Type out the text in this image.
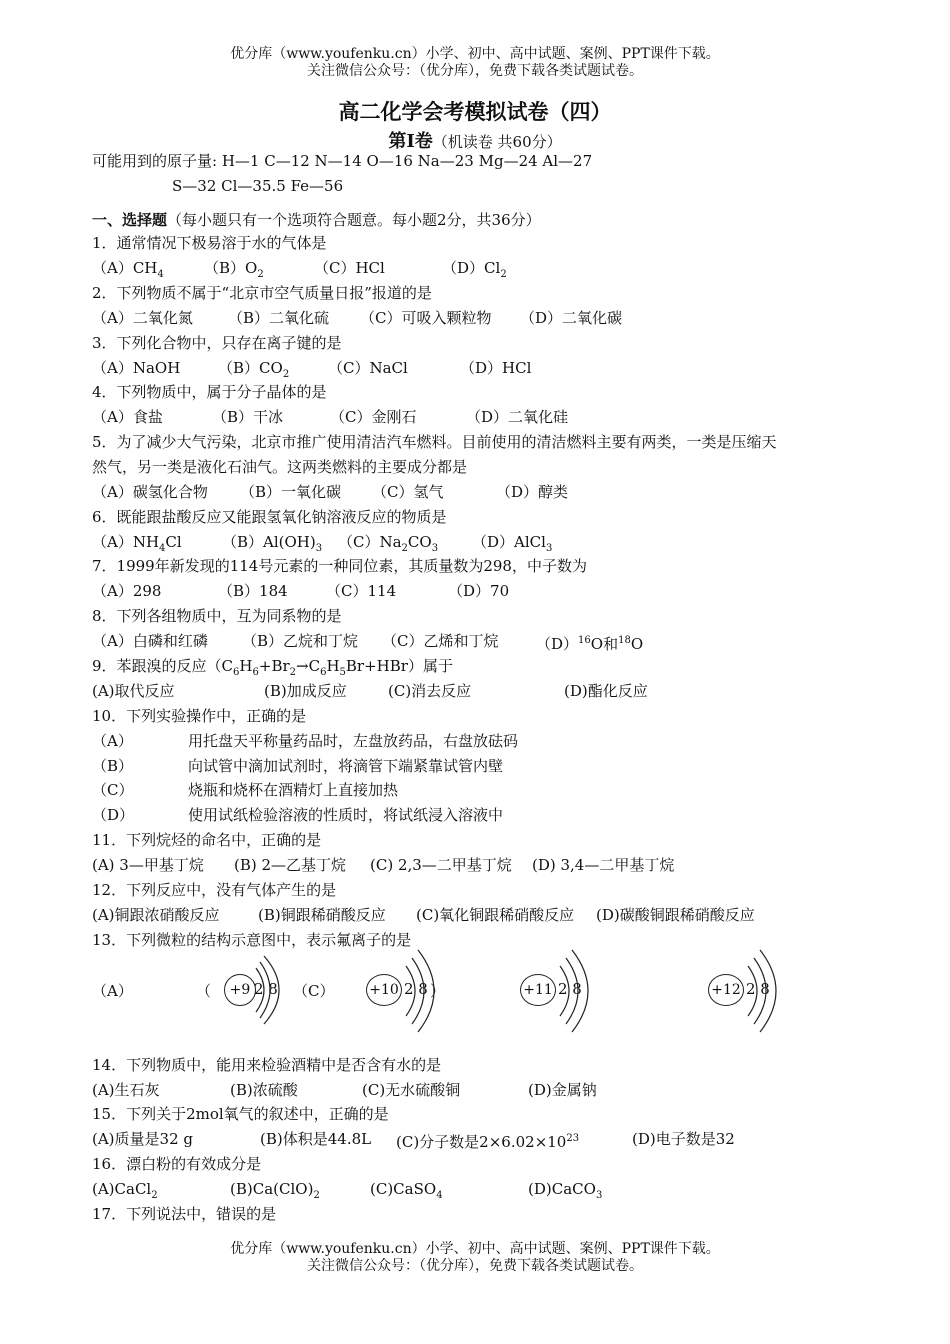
优分库（www.youfenku.cn）小学、初中、高中试题、案例、PPT课件下载。
关注微信公众号：（优分库），免费下载各类试题试卷。
高二化学会考模拟试卷（四）
第Ⅰ卷（机读卷 共60分）
可能用到的原子量: H—1 C—12 N—14 O—16 Na—23 Mg—24 Al—27
S—32 Cl—35.5 Fe—56
一、选择题（每小题只有一个选项符合题意。每小题2分，共36分）
1．通常情况下极易溶于水的气体是
$(A)CH_4$	$(B)O_2$	（C）HCl	$(D)Cl_2$
2．下列物质不属于“北京市空气质量日报”报道的是
（A）二氧化氮 （B）二氧化硫 （C）可吸入颗粒物 （D）二氧化碳
3．下列化合物中，只存在离子键的是
（A）NaOH	$(B)CO_2$	（C）NaCl	（D）HCl
4．下列物质中，属于分子晶体的是
（A）食盐	（B）干冰	（C）金刚石	（D）二氧化硅
5．为了减少大气污染，北京市推广使用清洁汽车燃料。目前使用的清洁燃料主要有两类，一类是压缩天
然气，另一类是液化石油气。这两类燃料的主要成分都是
（A）碳氢化合物 （B）一氧化碳 （C）氢气	（D）醇类
6．既能跟盐酸反应又能跟氢氧化钠溶液反应的物质是
$(A)NH_4Cl$	$(B)Al(OH)_3$ $(C)Na_2CO_3$ （D）AlCl$_3$
7．1999年新发现的114号元素的一种同位素，其质量数为298，中子数为
（A）298	（B）184	（C）114	（D）70
8．下列各组物质中，互为同系物的是
（A）白磷和红磷 （B）乙烷和丁烷 （C）乙烯和丁烷	$(D)^{16}O$和$^{18}$O
9．苯跟溴的反应$(C_6H_6+Br_2\to C_6H_5Br+HBr)$属于
(A)取代反应	(B)加成反应	(C)消去反应	(D)酯化反应
10．下列实验操作中，正确的是
（A）	用托盘天平称量药品时，左盘放药品，右盘放砝码
（B）	向试管中滴加试剂时，将滴管下端紧靠试管内壁
（C）	烧瓶和烧杯在酒精灯上直接加热
（D）	使用试纸检验溶液的性质时，将试纸浸入溶液中
11．下列烷烃的命名中，正确的是
(A) 3—甲基丁烷 (B) 2—乙基丁烷 (C) 2,3—二甲基丁烷 (D) 3,4—二甲基丁烷
12．下列反应中，没有气体产生的是
(A)铜跟浓硝酸反应	(B)铜跟稀硝酸反应 (C)氧化铜跟稀硝酸反应 (D)碳酸铜跟稀硝酸反应
13．下列微粒的结构示意图中，表示氟离子的是
（A）	（	（C）	）
+9 2 8	+10 2 8	+11 2 8	+12 2 8
14．下列物质中，能用来检验酒精中是否含有水的是
(A)生石灰	(B)浓硫酸	(C)无水硫酸铜	(D)金属钠
15．下列关于2mol氧气的叙述中，正确的是
(A)质量是32 g	(B)体积是44.8L (C)分子数是$2\times 6.02\times 10^{23}$	(D)电子数是32
16．漂白粉的有效成分是
(A)CaCl$_2$	$(B)Ca(ClO)_2$	(C)CaSO$_4$	(D)CaCO$_3$
17．下列说法中，错误的是
优分库（www.youfenku.cn）小学、初中、高中试题、案例、PPT课件下载。
关注微信公众号：（优分库），免费下载各类试题试卷。
